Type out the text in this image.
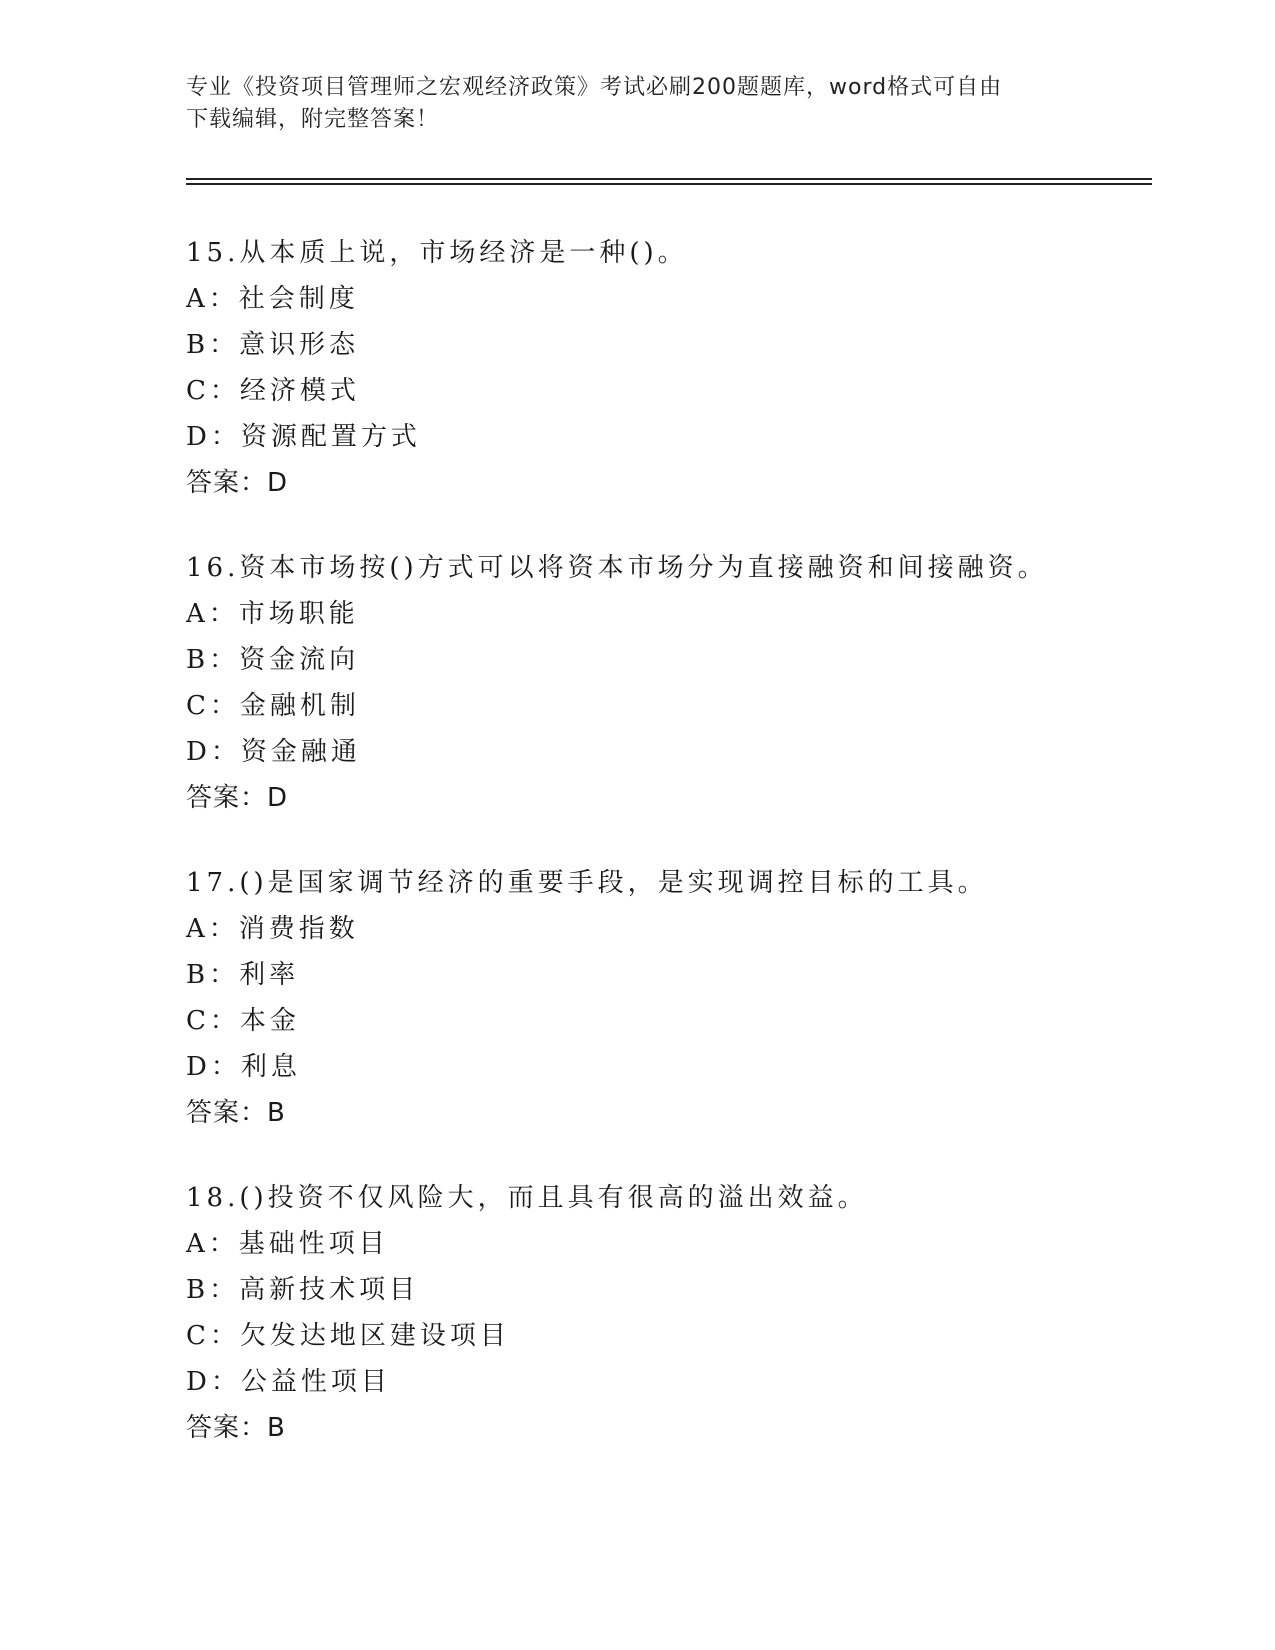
专业《投资项目管理师之宏观经济政策》考试必刷200题题库，word格式可自由
下载编辑，附完整答案！
15.从本质上说，市场经济是一种()。
A：社会制度
B：意识形态
C：经济模式
D：资源配置方式
答案：D
16.资本市场按()方式可以将资本市场分为直接融资和间接融资。
A：市场职能
B：资金流向
C：金融机制
D：资金融通
答案：D
17.()是国家调节经济的重要手段，是实现调控目标的工具。
A：消费指数
B：利率
C：本金
D：利息
答案：B
18.()投资不仅风险大，而且具有很高的溢出效益。
A：基础性项目
B：高新技术项目
C：欠发达地区建设项目
D：公益性项目
答案：B
